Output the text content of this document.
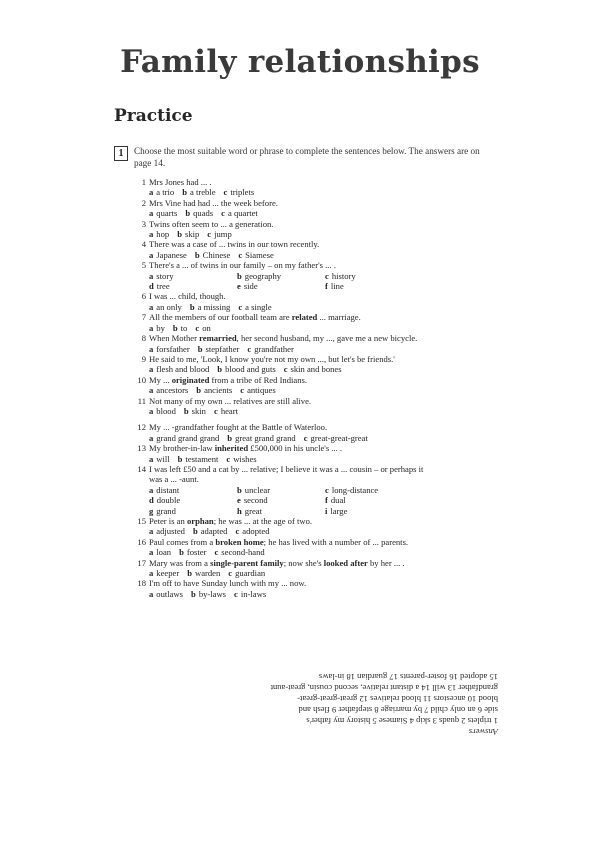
Family relationships
Practice
1	Choose the most suitable word or phrase to complete the sentences below. The answers are on page 14.

1 Mrs Jones had ... .
a a trio b a treble c triplets
2 Mrs Vine had had ... the week before.
a quarts b quads c a quartet
3 Twins often seem to ... a generation.
a hop b skip c jump
4 There was a case of ... twins in our town recently.
a Japanese b Chinese c Siamese
5 There's a ... of twins in our family – on my father's ... .
a story	b geography	c history
d tree	e side	f line
6 I was ... child, though.
a an only b a missing c a single
7 All the members of our football team are related ... marriage.
a by b to c on
8 When Mother remarried, her second husband, my ..., gave me a new bicycle.
a forsfather b stepfather c grandfather
9 He said to me, 'Look, I know you're not my own ..., but let's be friends.'
a flesh and blood b blood and guts c skin and bones
10 My ... originated from a tribe of Red Indians.
a ancestors b ancients c antiques
11 Not many of my own ... relatives are still alive.
a blood b skin c heart
12 My ... -grandfather fought at the Battle of Waterloo.
a grand grand grand b great grand grand c great-great-great
13 My brother-in-law inherited £500,000 in his uncle's ... .
a will b testament c wishes
14 I was left £50 and a cat by ... relative; I believe it was a ... cousin – or perhaps it
was a ... -aunt.
a distant	b unclear	c long-distance
d double	e second	f dual
g grand	h great	i large
15 Peter is an orphan; he was ... at the age of two.
a adjusted b adapted c adopted
16 Paul comes from a broken home; he has lived with a number of ... parents.
a loan b foster c second-hand
17 Mary was from a single-parent family; now she's looked after by her ... .
a keeper b warden c guardian
18 I'm off to have Sunday lunch with my ... now.
a outlaws b by-laws c in-laws

Answers

1 triplets 2 quads 3 skip 4 Siamese 5 history my father's

side 6 an only child 7 by marriage 8 stepfather 9 flesh and

blood 10 ancestors 11 blood relatives 12 great-great-great-

grandfather 13 will 14 a distant relative, second cousin, great-aunt

15 adopted 16 foster-parents 17 guardian 18 in-laws
